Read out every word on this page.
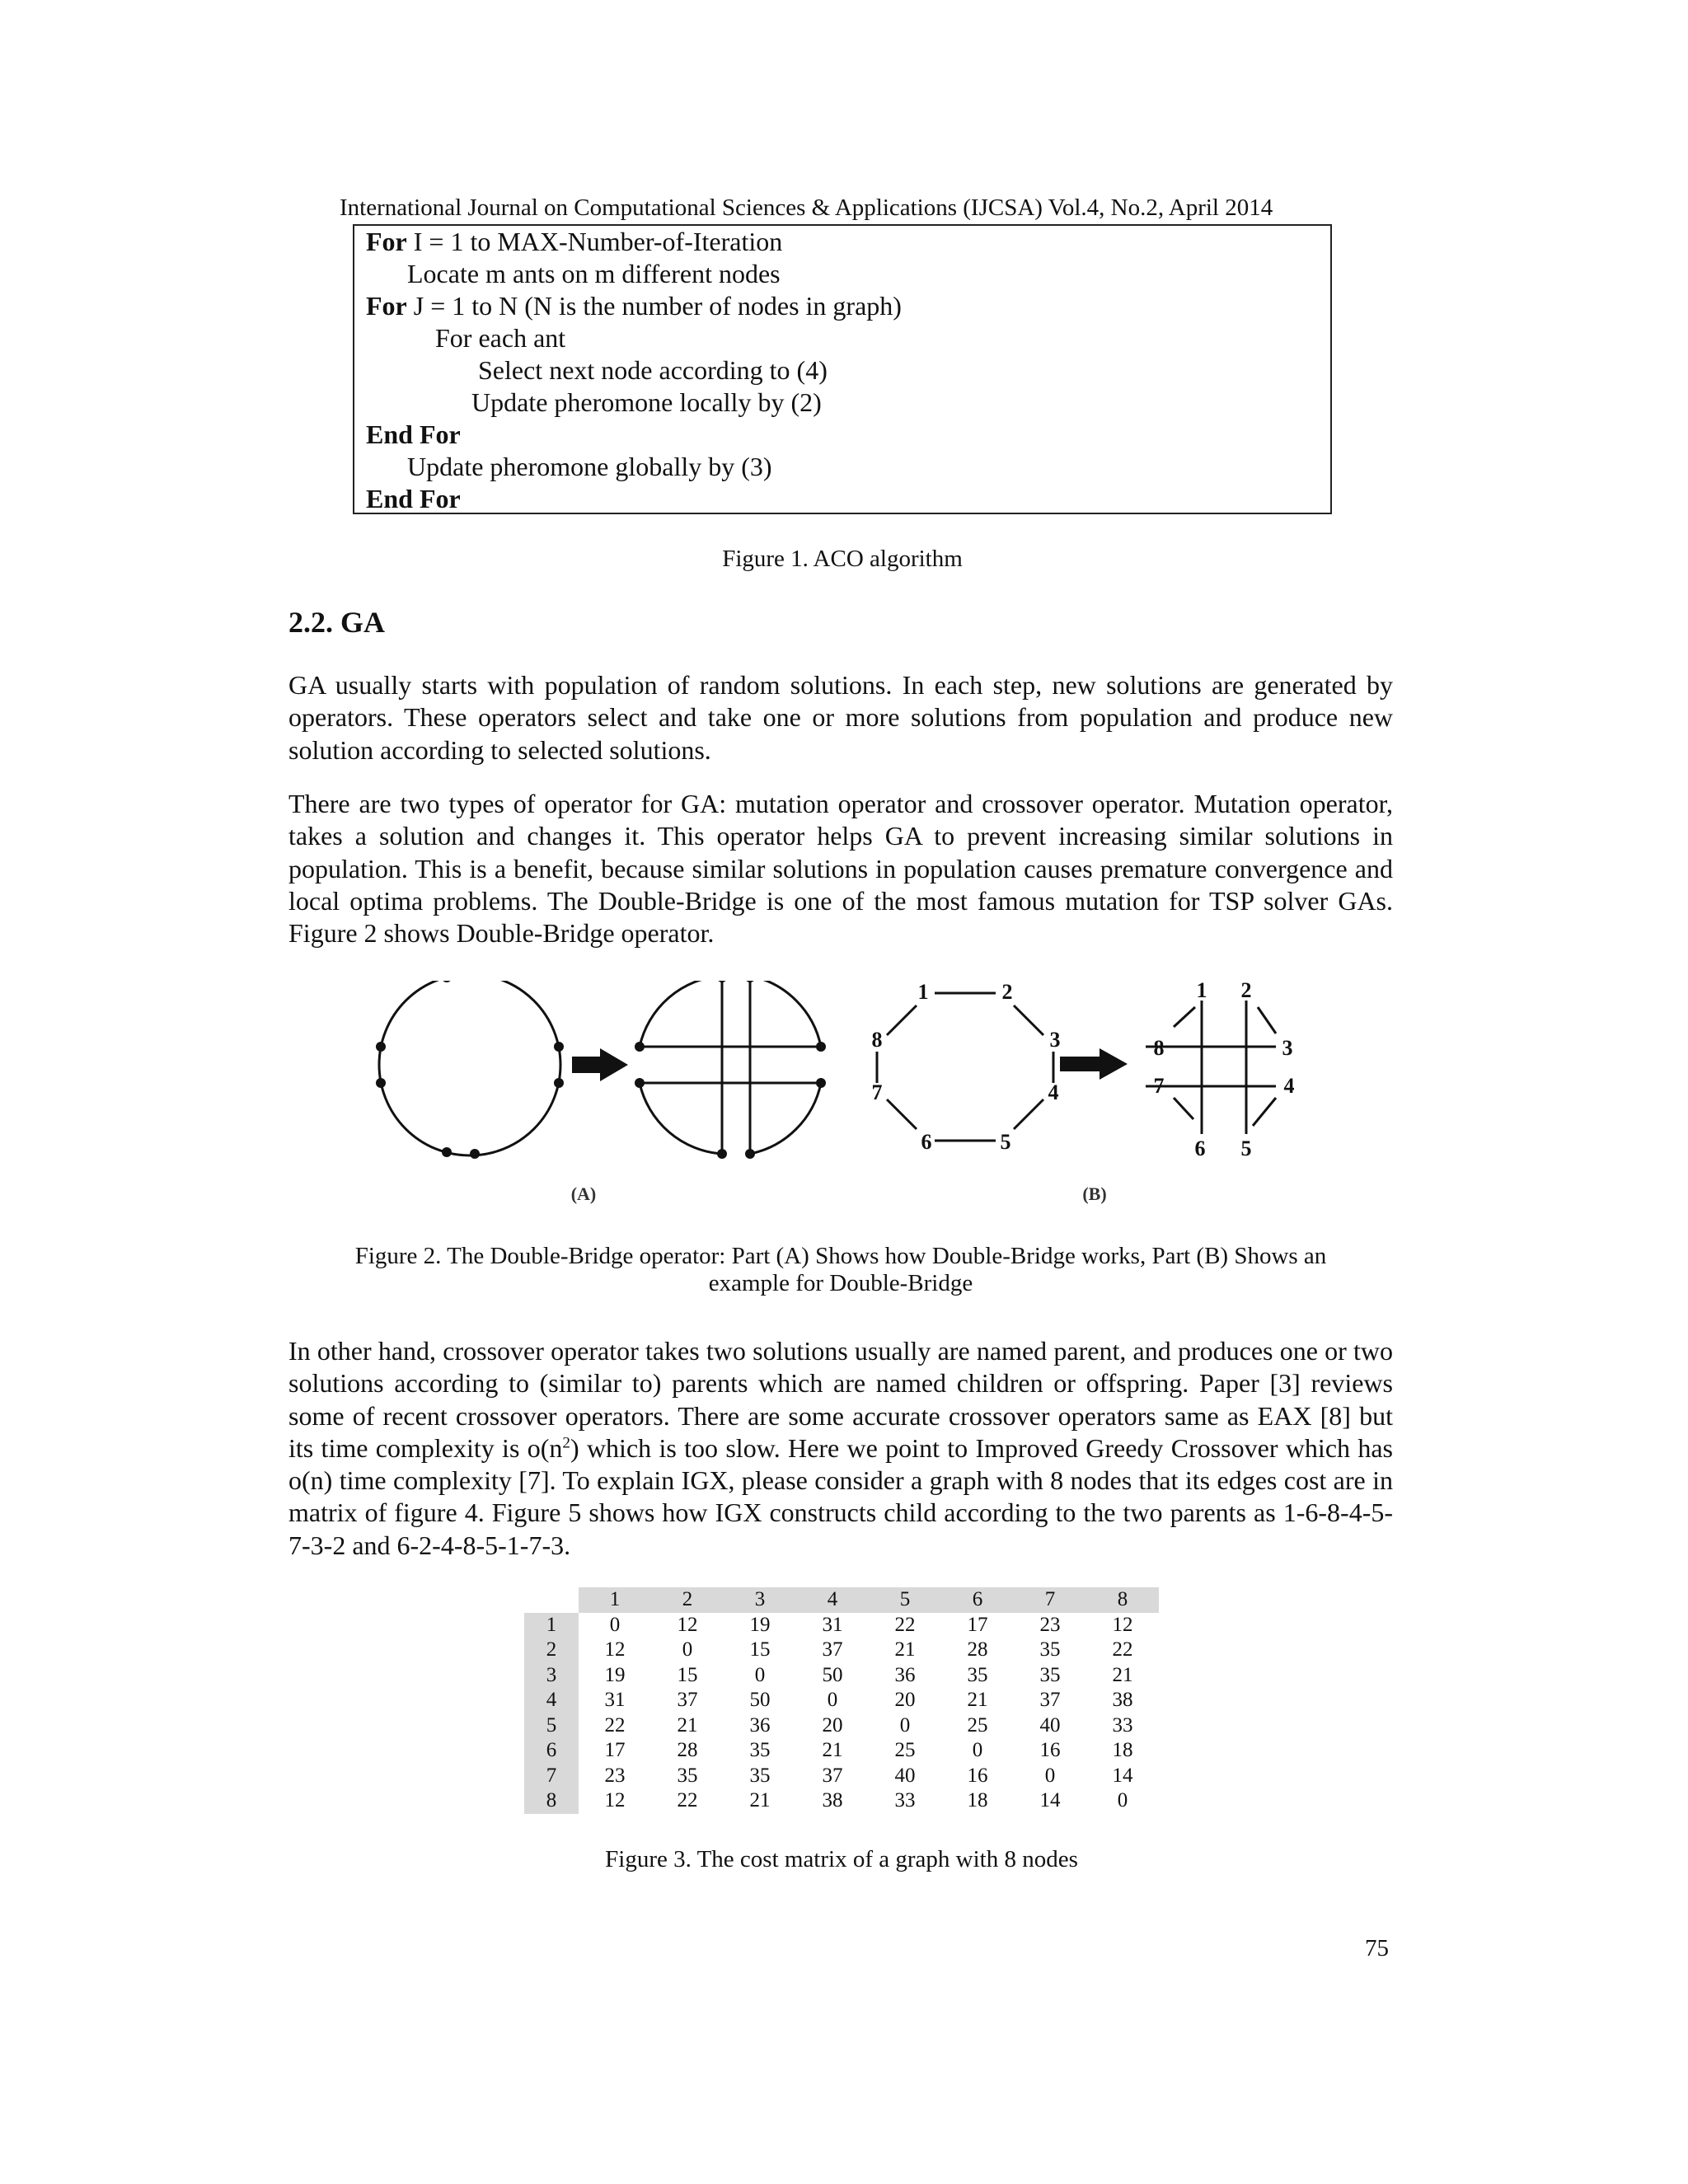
International Journal on Computational Sciences & Applications (IJCSA) Vol.4, No.2, April 2014
For I = 1 to MAX-Number-of-Iteration
Locate m ants on m different nodes
For J = 1 to N (N is the number of nodes in graph)
For each ant
Select next node according to (4)
Update pheromone locally by (2)
End For
Update pheromone globally by (3)
End For
Figure 1. ACO algorithm
2.2. GA

GA usually starts with population of random solutions. In each step, new solutions are generated by operators. These operators select and take one or more solutions from population and produce new solution according to selected solutions.

There are two types of operator for GA: mutation operator and crossover operator. Mutation operator, takes a solution and changes it. This operator helps GA to prevent increasing similar solutions in population. This is a benefit, because similar solutions in population causes premature convergence and local optima problems. The Double-Bridge is one of the most famous mutation for TSP solver GAs. Figure 2 shows Double-Bridge operator.

(A)
1	2
3
4
5
6
7
8
1 2
3
4
5
6
7
8
(B)
Figure 2. The Double-Bridge operator: Part (A) Shows how Double-Bridge works, Part (B) Shows an
example for Double-Bridge

In other hand, crossover operator takes two solutions usually are named parent, and produces one or two solutions according to (similar to) parents which are named children or offspring. Paper [3] reviews some of recent crossover operators. There are some accurate crossover operators same as EAX [8] but its time complexity is $o(n^2)$ which is too slow. Here we point to Improved Greedy Crossover which has o(n) time complexity [7]. To explain IGX, please consider a graph with 8 nodes that its edges cost are in matrix of figure 4. Figure 5 shows how IGX constructs child according to the two parents as 1-6-8-4-5-7-3-2 and 6-2-4-8-5-1-7-3.

	1	2	3	4	5	6	7	8
1	0	12	19	31	22	17	23	12
2	12	0	15	37	21	28	35	22
3	19	15	0	50	36	35	35	21
4	31	37	50	0	20	21	37	38
5	22	21	36	20	0	25	40	33
6	17	28	35	21	25	0	16	18
7	23	35	35	37	40	16	0	14
8	12	22	21	38	33	18	14	0
Figure 3. The cost matrix of a graph with 8 nodes
75
